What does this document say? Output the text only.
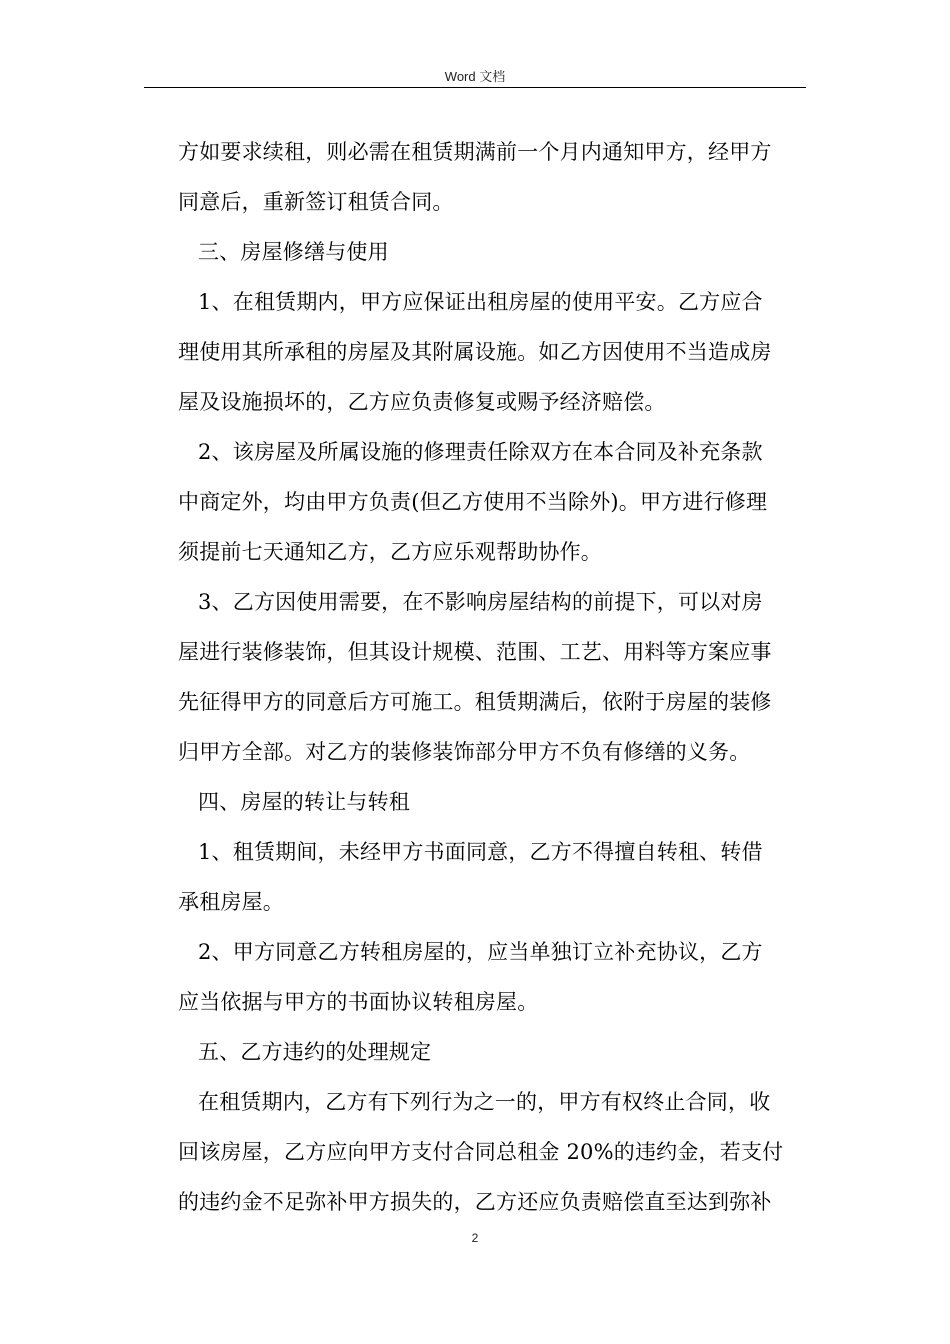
Word 文档
方如要求续租，则必需在租赁期满前一个月内通知甲方，经甲方
同意后，重新签订租赁合同。
三、房屋修缮与使用
1、在租赁期内，甲方应保证出租房屋的使用平安。乙方应合
理使用其所承租的房屋及其附属设施。如乙方因使用不当造成房
屋及设施损坏的，乙方应负责修复或赐予经济赔偿。
2、该房屋及所属设施的修理责任除双方在本合同及补充条款
中商定外，均由甲方负责(但乙方使用不当除外)。甲方进行修理
须提前七天通知乙方，乙方应乐观帮助协作。
3、乙方因使用需要，在不影响房屋结构的前提下，可以对房
屋进行装修装饰，但其设计规模、范围、工艺、用料等方案应事
先征得甲方的同意后方可施工。租赁期满后，依附于房屋的装修
归甲方全部。对乙方的装修装饰部分甲方不负有修缮的义务。
四、房屋的转让与转租
1、租赁期间，未经甲方书面同意，乙方不得擅自转租、转借
承租房屋。
2、甲方同意乙方转租房屋的，应当单独订立补充协议，乙方
应当依据与甲方的书面协议转租房屋。
五、乙方违约的处理规定
在租赁期内，乙方有下列行为之一的，甲方有权终止合同，收
回该房屋，乙方应向甲方支付合同总租金 20%的违约金，若支付
的违约金不足弥补甲方损失的，乙方还应负责赔偿直至达到弥补
2
